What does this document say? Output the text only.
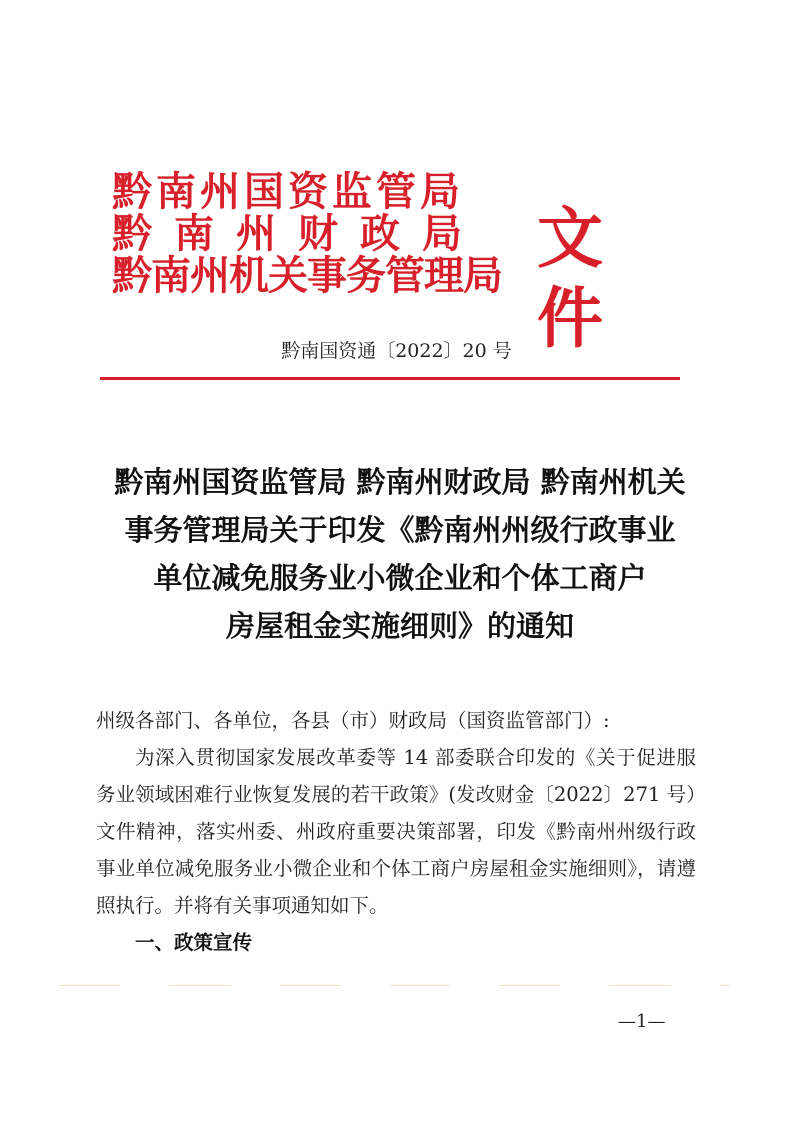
黔南州国资监管局
黔南州财政局
黔南州机关事务管理局 文件
黔南国资通〔2022〕20 号
黔南州国资监管局 黔南州财政局 黔南州机关
事务管理局关于印发《黔南州州级行政事业
单位减免服务业小微企业和个体工商户
房屋租金实施细则》的通知
州级各部门、各单位，各县（市）财政局（国资监管部门）:

为深入贯彻国家发展改革委等 14 部委联合印发的《关于促进服务业领域困难行业恢复发展的若干政策》(发改财金〔2022〕271 号）文件精神，落实州委、州政府重要决策部署，印发《黔南州州级行政事业单位减免服务业小微企业和个体工商户房屋租金实施细则》，请遵照执行。并将有关事项通知如下。

一、政策宣传
—1—
